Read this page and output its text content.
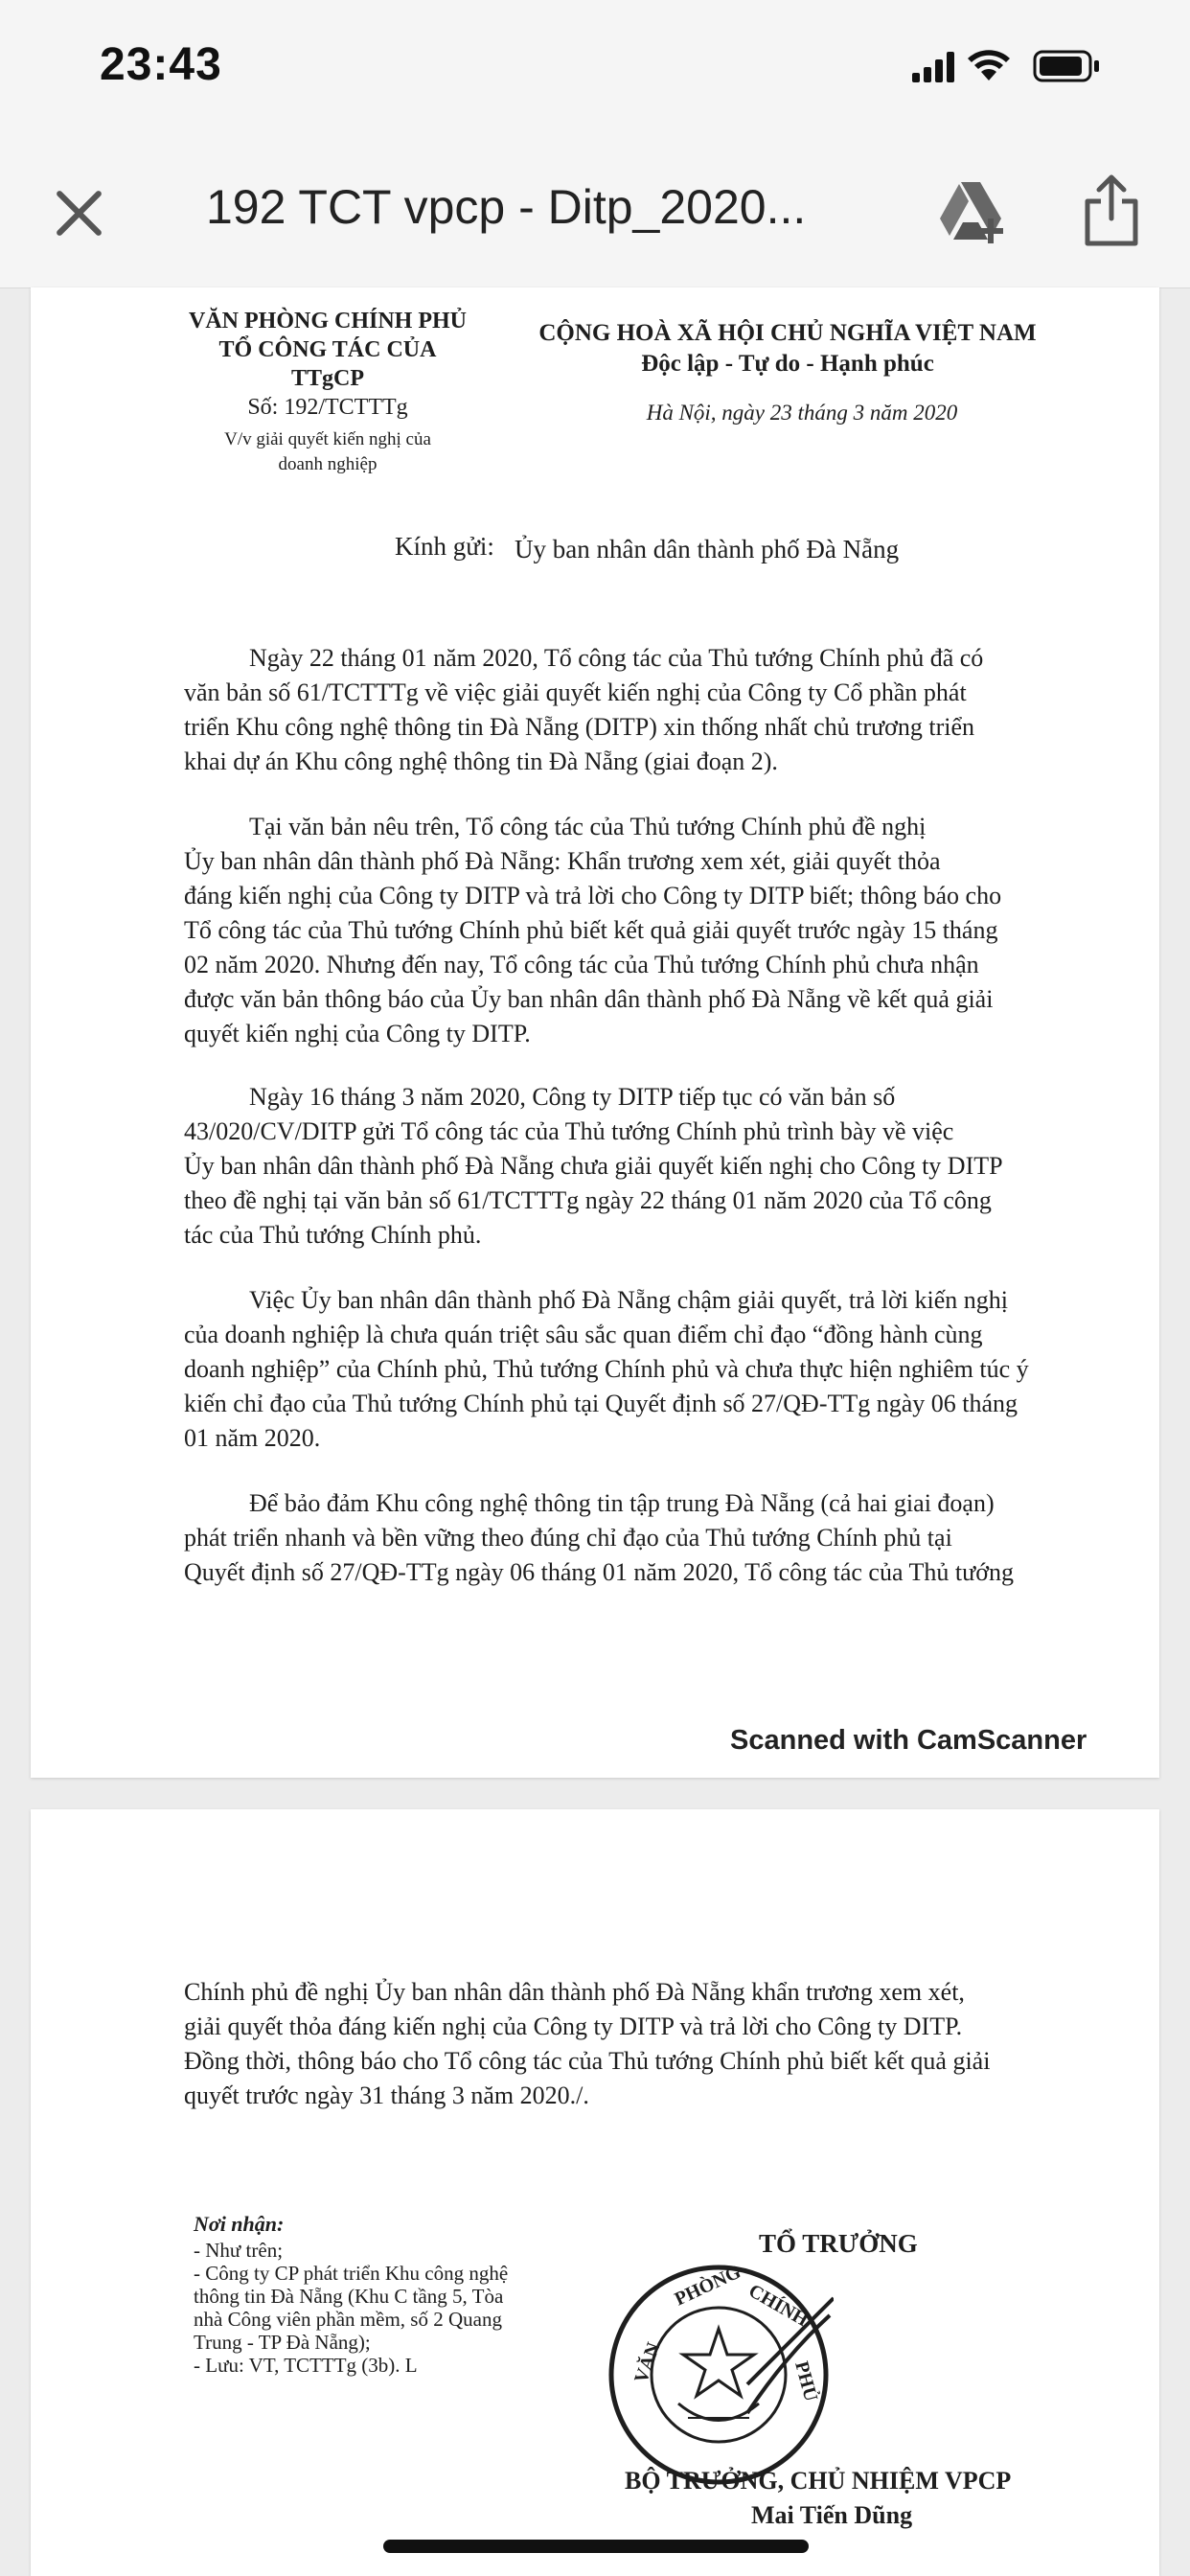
23:43
192 TCT vpcp - Ditp_2020...
VĂN PHÒNG CHÍNH PHỦ
TỔ CÔNG TÁC CỦA TTgCP
CỘNG HOÀ XÃ HỘI CHỦ NGHĨA VIỆT NAM
Độc lập - Tự do - Hạnh phúc
Số: 192/TCTTTg
V/v giải quyết kiến nghị của
doanh nghiệp
Hà Nội, ngày 23 tháng 3 năm 2020
Kính gửi: Ủy ban nhân dân thành phố Đà Nẵng
Ngày 22 tháng 01 năm 2020, Tổ công tác của Thủ tướng Chính phủ đã có
văn bản số 61/TCTTTg về việc giải quyết kiến nghị của Công ty Cổ phần phát
triển Khu công nghệ thông tin Đà Nẵng (DITP) xin thống nhất chủ trương triển
khai dự án Khu công nghệ thông tin Đà Nẵng (giai đoạn 2).
Tại văn bản nêu trên, Tổ công tác của Thủ tướng Chính phủ đề nghị
Ủy ban nhân dân thành phố Đà Nẵng: Khẩn trương xem xét, giải quyết thỏa
đáng kiến nghị của Công ty DITP và trả lời cho Công ty DITP biết; thông báo cho
Tổ công tác của Thủ tướng Chính phủ biết kết quả giải quyết trước ngày 15 tháng
02 năm 2020. Nhưng đến nay, Tổ công tác của Thủ tướng Chính phủ chưa nhận
được văn bản thông báo của Ủy ban nhân dân thành phố Đà Nẵng về kết quả giải
quyết kiến nghị của Công ty DITP.
Ngày 16 tháng 3 năm 2020, Công ty DITP tiếp tục có văn bản số
43/020/CV/DITP gửi Tổ công tác của Thủ tướng Chính phủ trình bày về việc
Ủy ban nhân dân thành phố Đà Nẵng chưa giải quyết kiến nghị cho Công ty DITP
theo đề nghị tại văn bản số 61/TCTTTg ngày 22 tháng 01 năm 2020 của Tổ công
tác của Thủ tướng Chính phủ.
Việc Ủy ban nhân dân thành phố Đà Nẵng chậm giải quyết, trả lời kiến nghị
của doanh nghiệp là chưa quán triệt sâu sắc quan điểm chỉ đạo “đồng hành cùng
doanh nghiệp” của Chính phủ, Thủ tướng Chính phủ và chưa thực hiện nghiêm túc ý
kiến chỉ đạo của Thủ tướng Chính phủ tại Quyết định số 27/QĐ-TTg ngày 06 tháng
01 năm 2020.
Để bảo đảm Khu công nghệ thông tin tập trung Đà Nẵng (cả hai giai đoạn)
phát triển nhanh và bền vững theo đúng chỉ đạo của Thủ tướng Chính phủ tại
Quyết định số 27/QĐ-TTg ngày 06 tháng 01 năm 2020, Tổ công tác của Thủ tướng
Scanned with CamScanner
Chính phủ đề nghị Ủy ban nhân dân thành phố Đà Nẵng khẩn trương xem xét,
giải quyết thỏa đáng kiến nghị của Công ty DITP và trả lời cho Công ty DITP.
Đồng thời, thông báo cho Tổ công tác của Thủ tướng Chính phủ biết kết quả giải
quyết trước ngày 31 tháng 3 năm 2020./.
Nơi nhận:
- Như trên;
- Công ty CP phát triển Khu công nghệ
thông tin Đà Nẵng (Khu C tầng 5, Tòa
nhà Công viên phần mềm, số 2 Quang
Trung - TP Đà Nẵng);
- Lưu: VT, TCTTTg (3b). L
TỔ TRƯỞNG
VĂN
PHÒNG CHÍNH
PHỦ
BỘ TRƯỞNG, CHỦ NHIỆM VPCP
Mai Tiến Dũng
